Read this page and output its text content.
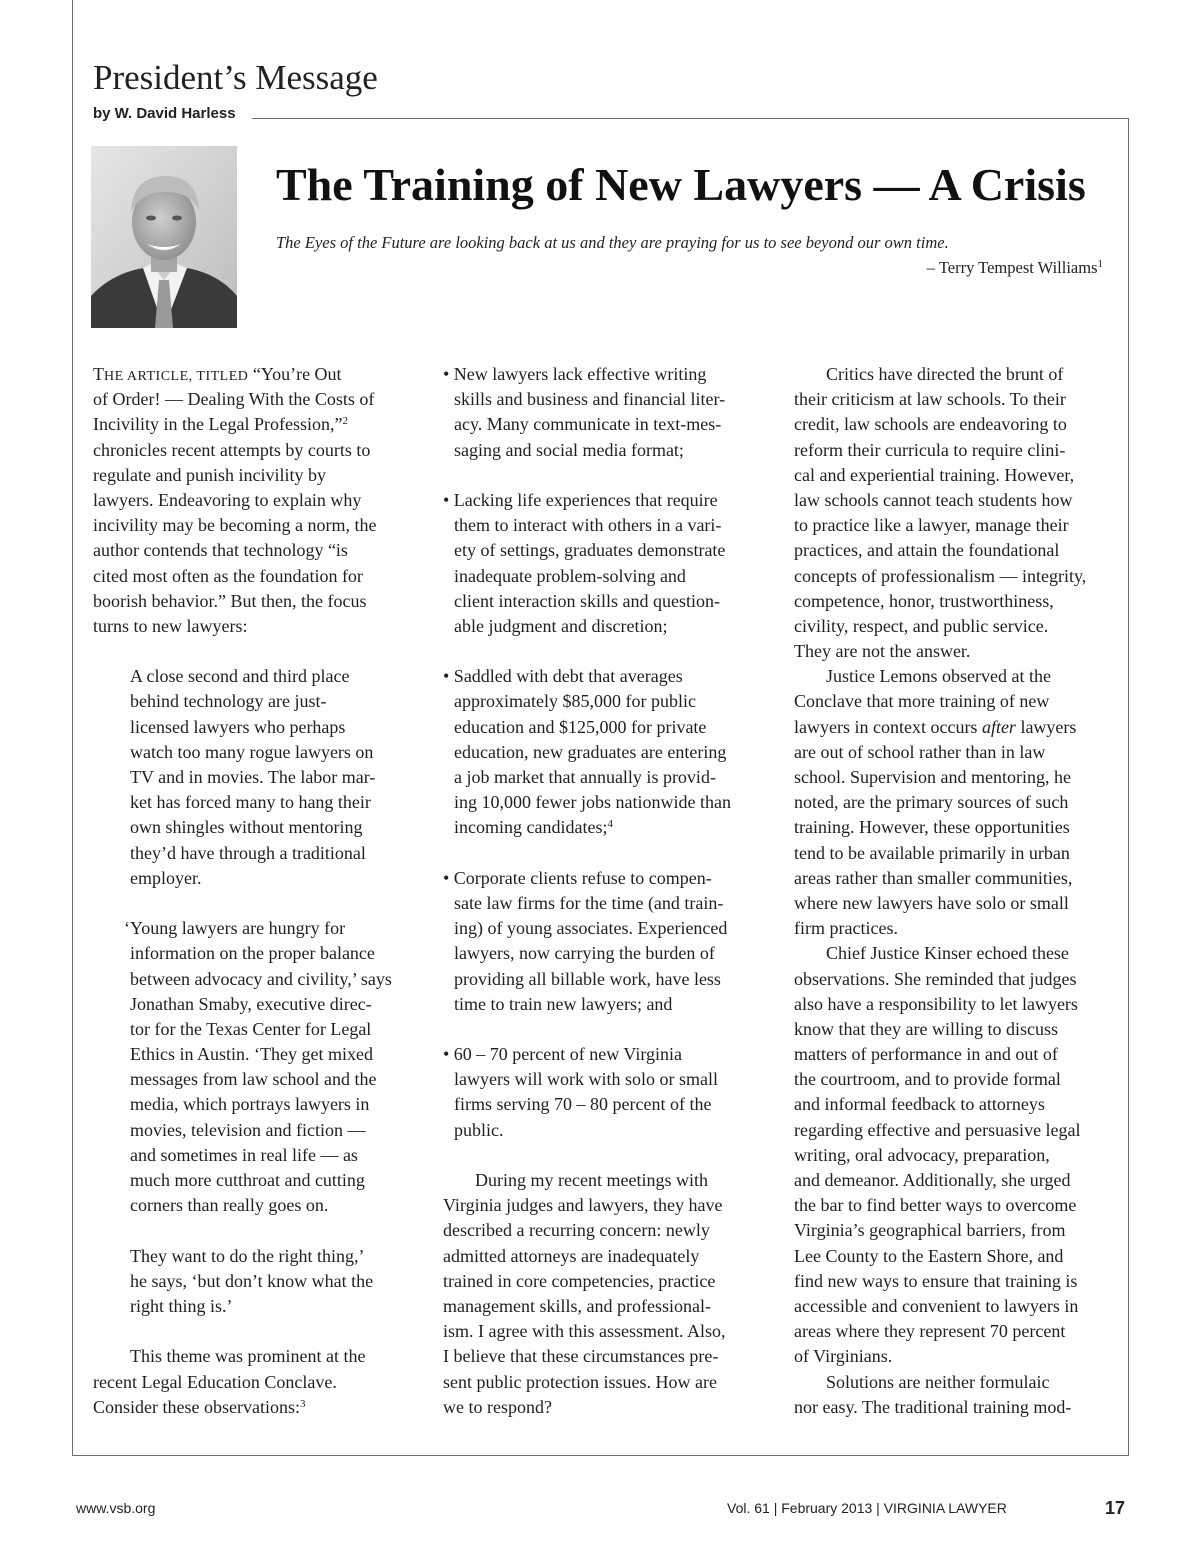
President’s Message
by W. David Harless
The Training of New Lawyers — A Crisis
The Eyes of the Future are looking back at us and they are praying for us to see beyond our own time.
– Terry Tempest Williams$^1$
THE ARTICLE, TITLED “You’re Out
of Order! — Dealing With the Costs of
Incivility in the Legal Profession,”$^2$
chronicles recent attempts by courts to
regulate and punish incivility by
lawyers. Endeavoring to explain why
incivility may be becoming a norm, the
author contends that technology “is
cited most often as the foundation for
boorish behavior.” But then, the focus
turns to new lawyers:
A close second and third place
behind technology are just-
licensed lawyers who perhaps
watch too many rogue lawyers on
TV and in movies. The labor mar-
ket has forced many to hang their
own shingles without mentoring
they’d have through a traditional
employer.
‘Young lawyers are hungry for
information on the proper balance
between advocacy and civility,’ says
Jonathan Smaby, executive direc-
tor for the Texas Center for Legal
Ethics in Austin. ‘They get mixed
messages from law school and the
media, which portrays lawyers in
movies, television and fiction —
and sometimes in real life — as
much more cutthroat and cutting
corners than really goes on.
They want to do the right thing,’
he says, ‘but don’t know what the
right thing is.’
This theme was prominent at the
recent Legal Education Conclave.
Consider these observations:$^3$
• New lawyers lack effective writing
skills and business and financial liter-
acy. Many communicate in text-mes-
saging and social media format;
• Lacking life experiences that require
them to interact with others in a vari-
ety of settings, graduates demonstrate
inadequate problem-solving and
client interaction skills and question-
able judgment and discretion;
• Saddled with debt that averages
approximately $85,000 for public
education and $125,000 for private
education, new graduates are entering
a job market that annually is provid-
ing 10,000 fewer jobs nationwide than
incoming candidates;$^4$
• Corporate clients refuse to compen-
sate law firms for the time (and train-
ing) of young associates. Experienced
lawyers, now carrying the burden of
providing all billable work, have less
time to train new lawyers; and
• 60 – 70 percent of new Virginia
lawyers will work with solo or small
firms serving 70 – 80 percent of the
public.
During my recent meetings with
Virginia judges and lawyers, they have
described a recurring concern: newly
admitted attorneys are inadequately
trained in core competencies, practice
management skills, and professional-
ism. I agree with this assessment. Also,
I believe that these circumstances pre-
sent public protection issues. How are
we to respond?
Critics have directed the brunt of
their criticism at law schools. To their
credit, law schools are endeavoring to
reform their curricula to require clini-
cal and experiential training. However,
law schools cannot teach students how
to practice like a lawyer, manage their
practices, and attain the foundational
concepts of professionalism — integrity,
competence, honor, trustworthiness,
civility, respect, and public service.
They are not the answer.
Justice Lemons observed at the
Conclave that more training of new
lawyers in context occurs after lawyers
are out of school rather than in law
school. Supervision and mentoring, he
noted, are the primary sources of such
training. However, these opportunities
tend to be available primarily in urban
areas rather than smaller communities,
where new lawyers have solo or small
firm practices.
Chief Justice Kinser echoed these
observations. She reminded that judges
also have a responsibility to let lawyers
know that they are willing to discuss
matters of performance in and out of
the courtroom, and to provide formal
and informal feedback to attorneys
regarding effective and persuasive legal
writing, oral advocacy, preparation,
and demeanor. Additionally, she urged
the bar to find better ways to overcome
Virginia’s geographical barriers, from
Lee County to the Eastern Shore, and
find new ways to ensure that training is
accessible and convenient to lawyers in
areas where they represent 70 percent
of Virginians.
Solutions are neither formulaic
nor easy. The traditional training mod-
www.vsb.org	Vol. 61 | February 2013 | VIRGINIA LAWYER	17
